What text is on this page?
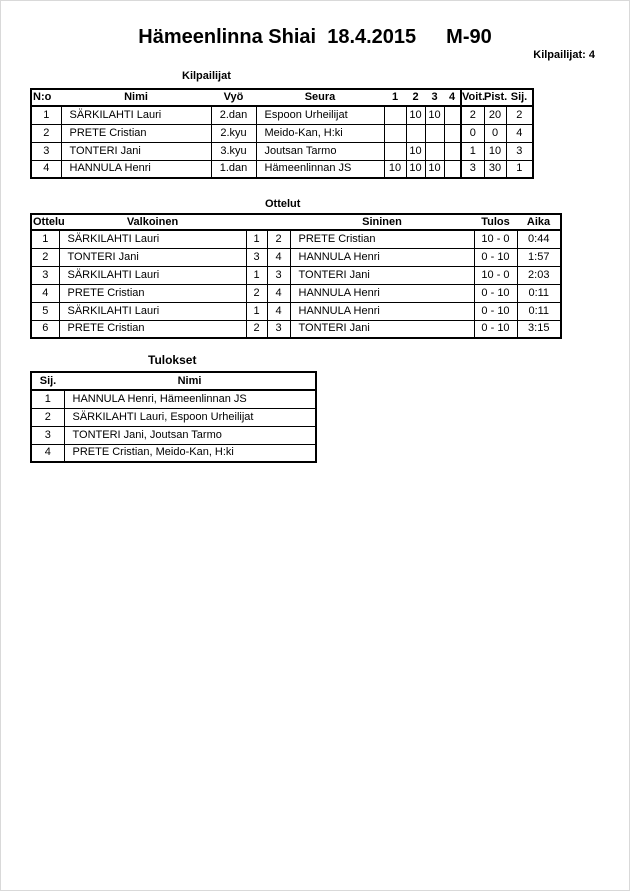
Hämeenlinna Shiai  18.4.2015 M-90
Kilpailijat: 4
Kilpailijat
N:o	Nimi	Vyö	Seura	1	2	3	4	Voit.	Pist.	Sij.
1	SÄRKILAHTI Lauri	2.dan	Espoon Urheilijat		10	10		2	20	2
2	PRETE Cristian	2.kyu	Meido-Kan, H:ki					0	0	4
3	TONTERI Jani	3.kyu	Joutsan Tarmo		10			1	10	3
4	HANNULA Henri	1.dan	Hämeenlinnan JS	10	10	10		3	30	1
Ottelut
Ottelu	Valkoinen			Sininen	Tulos	Aika
1	SÄRKILAHTI Lauri	1	2	PRETE Cristian	10 - 0	0:44
2	TONTERI Jani	3	4	HANNULA Henri	0 - 10	1:57
3	SÄRKILAHTI Lauri	1	3	TONTERI Jani	10 - 0	2:03
4	PRETE Cristian	2	4	HANNULA Henri	0 - 10	0:11
5	SÄRKILAHTI Lauri	1	4	HANNULA Henri	0 - 10	0:11
6	PRETE Cristian	2	3	TONTERI Jani	0 - 10	3:15
Tulokset
Sij.	Nimi
1	HANNULA Henri, Hämeenlinnan JS
2	SÄRKILAHTI Lauri, Espoon Urheilijat
3	TONTERI Jani, Joutsan Tarmo
4	PRETE Cristian, Meido-Kan, H:ki
